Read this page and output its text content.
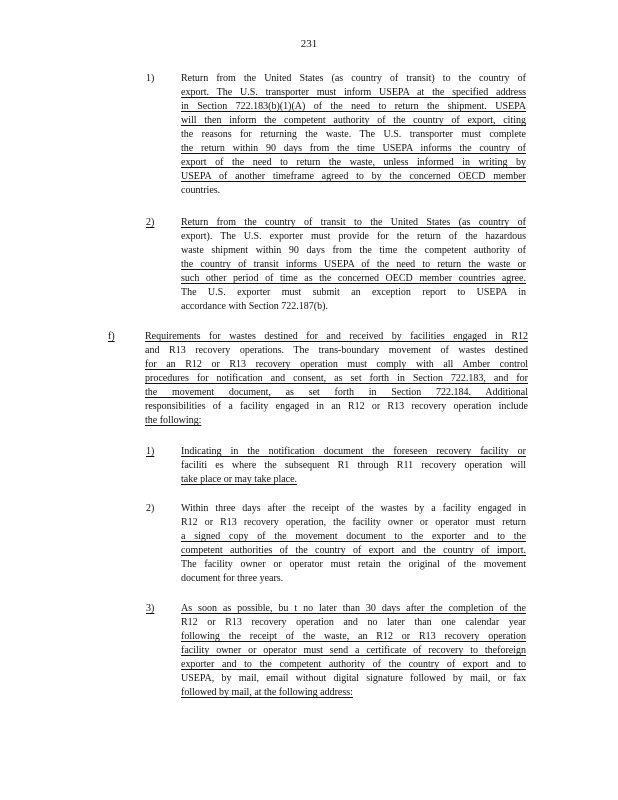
231
1)	Return from the United States (as country of transit) to the country of
export. The U.S. transporter must inform USEPA at the specified address
in Section 722.183(b)(1)(A) of the need to return the shipment. USEPA
will then inform the competent authority of the country of export, citing
the reasons for returning the waste. The U.S. transporter must complete
the return within 90 days from the time USEPA informs the country of
export of the need to return the waste, unless informed in writing by
USEPA of another timeframe agreed to by the concerned OECD member
countries.
2)	Return from the country of transit to the United States (as country of
export). The U.S. exporter must provide for the return of the hazardous
waste shipment within 90 days from the time the competent authority of
the country of transit informs USEPA of the need to return the waste or
such other period of time as the concerned OECD member countries agree.
The U.S. exporter must submit an exception report to USEPA in
accordance with Section 722.187(b).
f)	Requirements for wastes destined for and received by facilities engaged in R12
and R13 recovery operations. The trans-boundary movement of wastes destined
for an R12 or R13 recovery operation must comply with all Amber control
procedures for notification and consent, as set forth in Section 722.183, and for
the movement document, as set forth in Section 722.184. Additional
responsibilities of a facility engaged in an R12 or R13 recovery operation include
the following:
1)	Indicating in the notification document the foreseen recovery facility or
faciliti es where the subsequent R1 through R11 recovery operation will
take place or may take place.
2)	Within three days after the receipt of the wastes by a facility engaged in
R12 or R13 recovery operation, the facility owner or operator must return
a signed copy of the movement document to the exporter and to the
competent authorities of the country of export and the country of import.
The facility owner or operator must retain the original of the movement
document for three years.
3)	As soon as possible, bu t no later than 30 days after the completion of the
R12 or R13 recovery operation and no later than one calendar year
following the receipt of the waste, an R12 or R13 recovery operation
facility owner or operator must send a certificate of recovery to theforeign
exporter and to the competent authority of the country of export and to
USEPA, by mail, email without digital signature followed by mail, or fax
followed by mail, at the following address:
